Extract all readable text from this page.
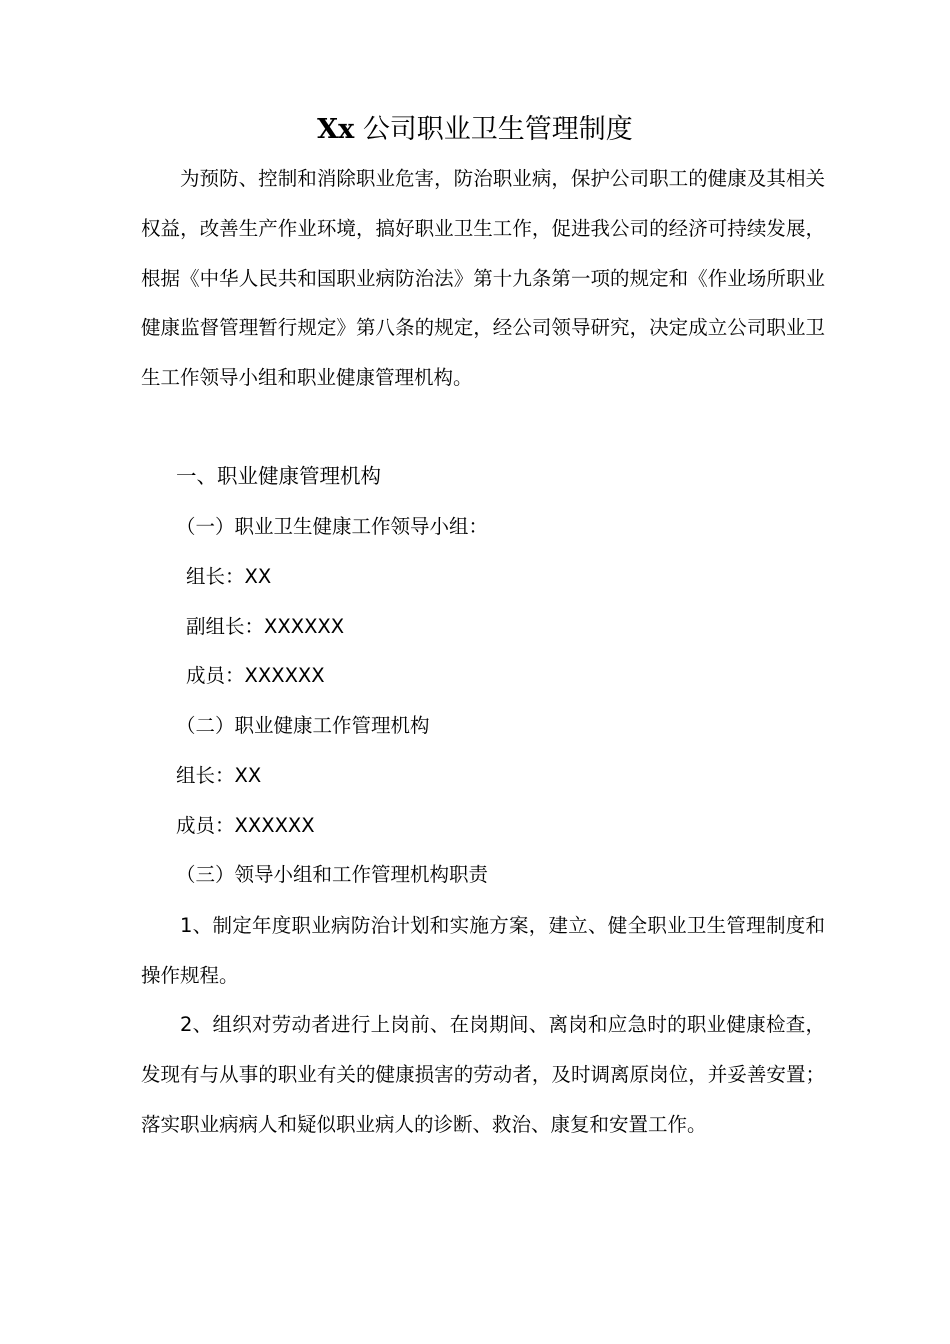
Xx 公司职业卫生管理制度

为预防、控制和消除职业危害，防治职业病，保护公司职工的健康及其相关权益，改善生产作业环境，搞好职业卫生工作，促进我公司的经济可持续发展，根据《中华人民共和国职业病防治法》第十九条第一项的规定和《作业场所职业健康监督管理暂行规定》第八条的规定，经公司领导研究，决定成立公司职业卫生工作领导小组和职业健康管理机构。

一、职业健康管理机构
（一）职业卫生健康工作领导小组：
组长：XX
副组长：XXXXXX
成员：XXXXXX
（二）职业健康工作管理机构
组长：XX
成员：XXXXXX
（三）领导小组和工作管理机构职责

1、制定年度职业病防治计划和实施方案，建立、健全职业卫生管理制度和操作规程。

2、组织对劳动者进行上岗前、在岗期间、离岗和应急时的职业健康检查，发现有与从事的职业有关的健康损害的劳动者，及时调离原岗位，并妥善安置；落实职业病病人和疑似职业病人的诊断、救治、康复和安置工作。
